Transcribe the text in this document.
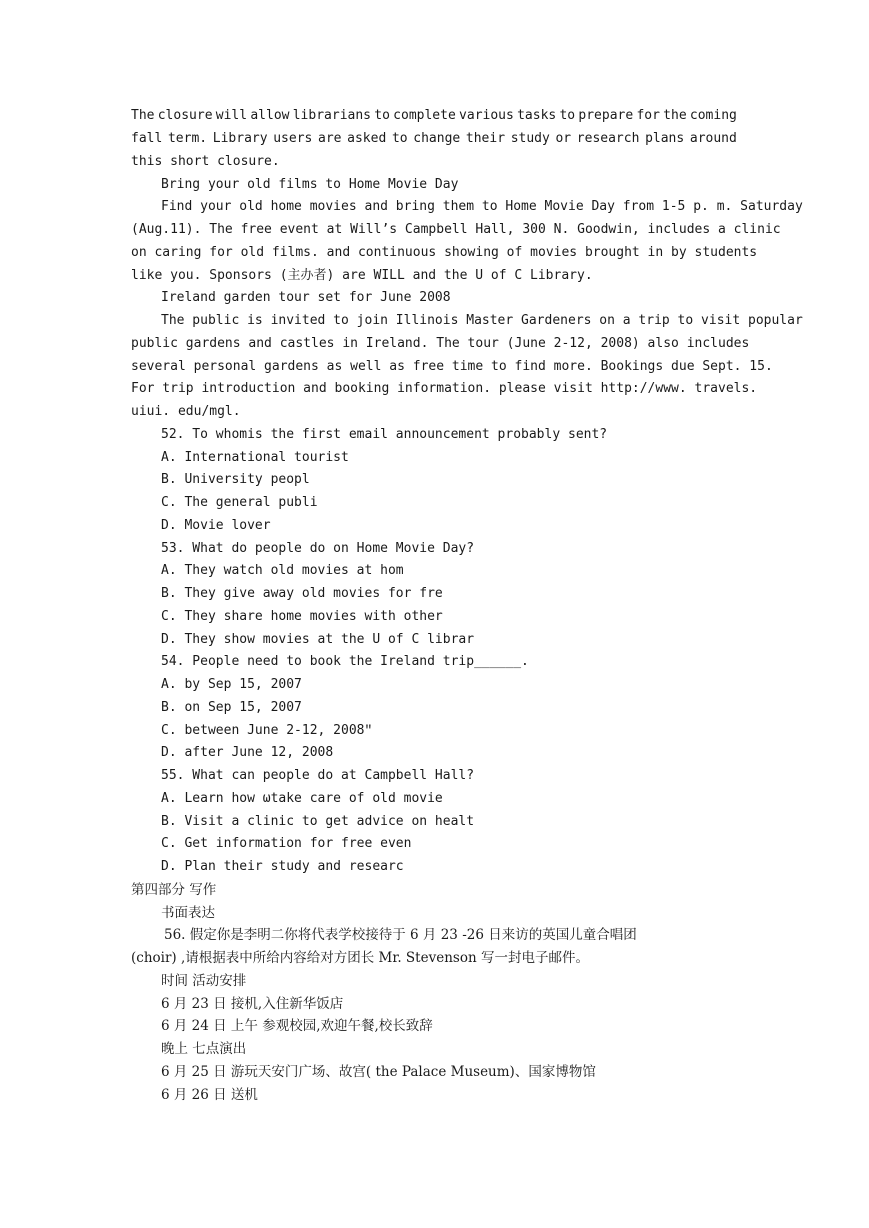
The closure will allow librarians to complete various tasks to prepare for the coming
fall term. Library users are asked to change their study or research plans around
this short closure.
Bring your old films to Home Movie Day
Find your old home movies and bring them to Home Movie Day from 1-5 p. m. Saturday
(Aug.11). The free event at Will’s Campbell Hall, 300 N. Goodwin, includes a clinic
on caring for old films. and continuous showing of movies brought in by students
like you. Sponsors (主办者) are WILL and the U of C Library.
Ireland garden tour set for June 2008
The public is invited to join Illinois Master Gardeners on a trip to visit popular
public gardens and castles in Ireland. The tour (June 2-12, 2008) also includes
several personal gardens as well as free time to find more. Bookings due Sept. 15.
For trip introduction and booking information. please visit http://www. travels.
uiui. edu/mgl.
52. To whomis the first email announcement probably sent?
A. International tourist
B. University peopl
C. The general publi
D. Movie lover
53. What do people do on Home Movie Day?
A. They watch old movies at hom
B. They give away old movies for fre
C. They share home movies with other
D. They show movies at the U of C librar
54. People need to book the Ireland trip______.
A. by Sep 15, 2007
B. on Sep 15, 2007
C. between June 2-12, 2008ʺ
D. after June 12, 2008
55. What can people do at Campbell Hall?
A. Learn how ωtake care of old movie
B. Visit a clinic to get advice on healt
C. Get information for free even
D. Plan their study and researc
第四部分 写作
书面表达
56. 假定你是李明二你将代表学校接待于 6 月 23 -26 日来访的英国儿童合唱团
(choir) ,请根据表中所给内容给对方团长 Mr. Stevenson 写一封电子邮件。
时间 活动安排
6 月 23 日 接机,入住新华饭店
6 月 24 日 上午 参观校园,欢迎午餐,校长致辞
晚上 七点演出
6 月 25 日 游玩天安门广场、故宫( the Palace Museum)、国家博物馆
6 月 26 日 送机
